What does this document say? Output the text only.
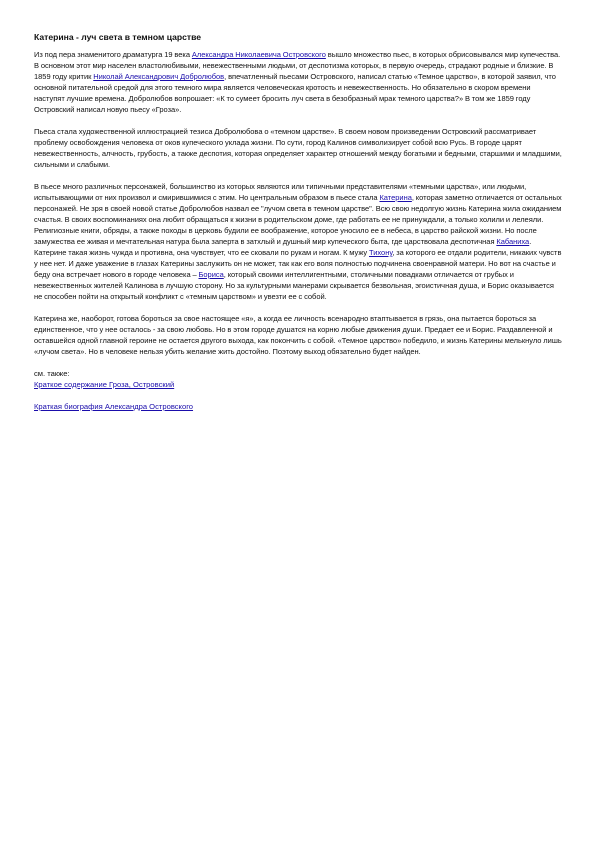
Катерина - луч света в темном царстве

Из под пера знаменитого драматурга 19 века Александра Николаевича Островского вышло множество пьес, в которых обрисовывался мир купечества. В основном этот мир населен властолюбивыми, невежественными людьми, от деспотизма которых, в первую очередь, страдают родные и близкие. В 1859 году критик Николай Александрович Добролюбов, впечатленный пьесами Островского, написал статью «Темное царство», в которой заявил, что основной питательной средой для этого темного мира является человеческая кротость и невежественность. Но обязательно в скором времени наступят лучшие времена. Добролюбов вопрошает: «К то сумеет бросить луч света в безобразный мрак темного царства?» В том же 1859 году Островский написал новую пьесу «Гроза».

Пьеса стала художественной иллюстрацией тезиса Добролюбова о «темном царстве». В своем новом произведении Островский рассматривает проблему освобождения человека от оков купеческого уклада жизни. По сути, город Калинов символизирует собой всю Русь. В городе царят невежественность, алчность, грубость, а также деспотия, которая определяет характер отношений между богатыми и бедными, старшими и младшими, сильными и слабыми.

В пьесе много различных персонажей, большинство из которых являются или типичными представителями «темными царства», или людьми, испытывающими от них произвол и смирившимися с этим. Но центральным образом в пьесе стала Катерина, которая заметно отличается от остальных персонажей. Не зря в своей новой статье Добролюбов назвал ее "лучом света в темном царстве". Всю свою недолгую жизнь Катерина жила ожиданием счастья. В своих воспоминаниях она любит обращаться к жизни в родительском доме, где работать ее не принуждали, а только холили и лелеяли. Религиозные книги, обряды, а также походы в церковь будили ее воображение, которое уносило ее в небеса, в царство райской жизни. Но после замужества ее живая и мечтательная натура была заперта в затхлый и душный мир купеческого быта, где царствовала деспотичная Кабаниха. Катерине такая жизнь чужда и противна, она чувствует, что ее сковали по рукам и ногам. К мужу Тихону, за которого ее отдали родители, никаких чувств у нее нет. И даже уважение в глазах Катерины заслужить он не может, так как его воля полностью подчинена своенравной матери. Но вот на счастье и беду она встречает нового в городе человека – Бориса, который своими интеллигентными, столичными повадками отличается от грубых и невежественных жителей Калинова в лучшую сторону. Но за культурными манерами скрывается безвольная, эгоистичная душа, и Борис оказывается не способен пойти на открытый конфликт с «темным царством» и увезти ее с собой.

Катерина же, наоборот, готова бороться за свое настоящее «я», а когда ее личность всенародно втаптывается в грязь, она пытается бороться за единственное, что у нее осталось - за свою любовь. Но в этом городе душатся на корню любые движения души. Предает ее и Борис. Раздавленной и оставшейся одной главной героине не остается другого выхода, как покончить с собой. «Темное царство» победило, и жизнь Катерины мелькнуло лишь «лучом света». Но в человеке нельзя убить желание жить достойно. Поэтому выход обязательно будет найден.

см. также:
Краткое содержание Гроза, Островский
Краткая биография Александра Островского
